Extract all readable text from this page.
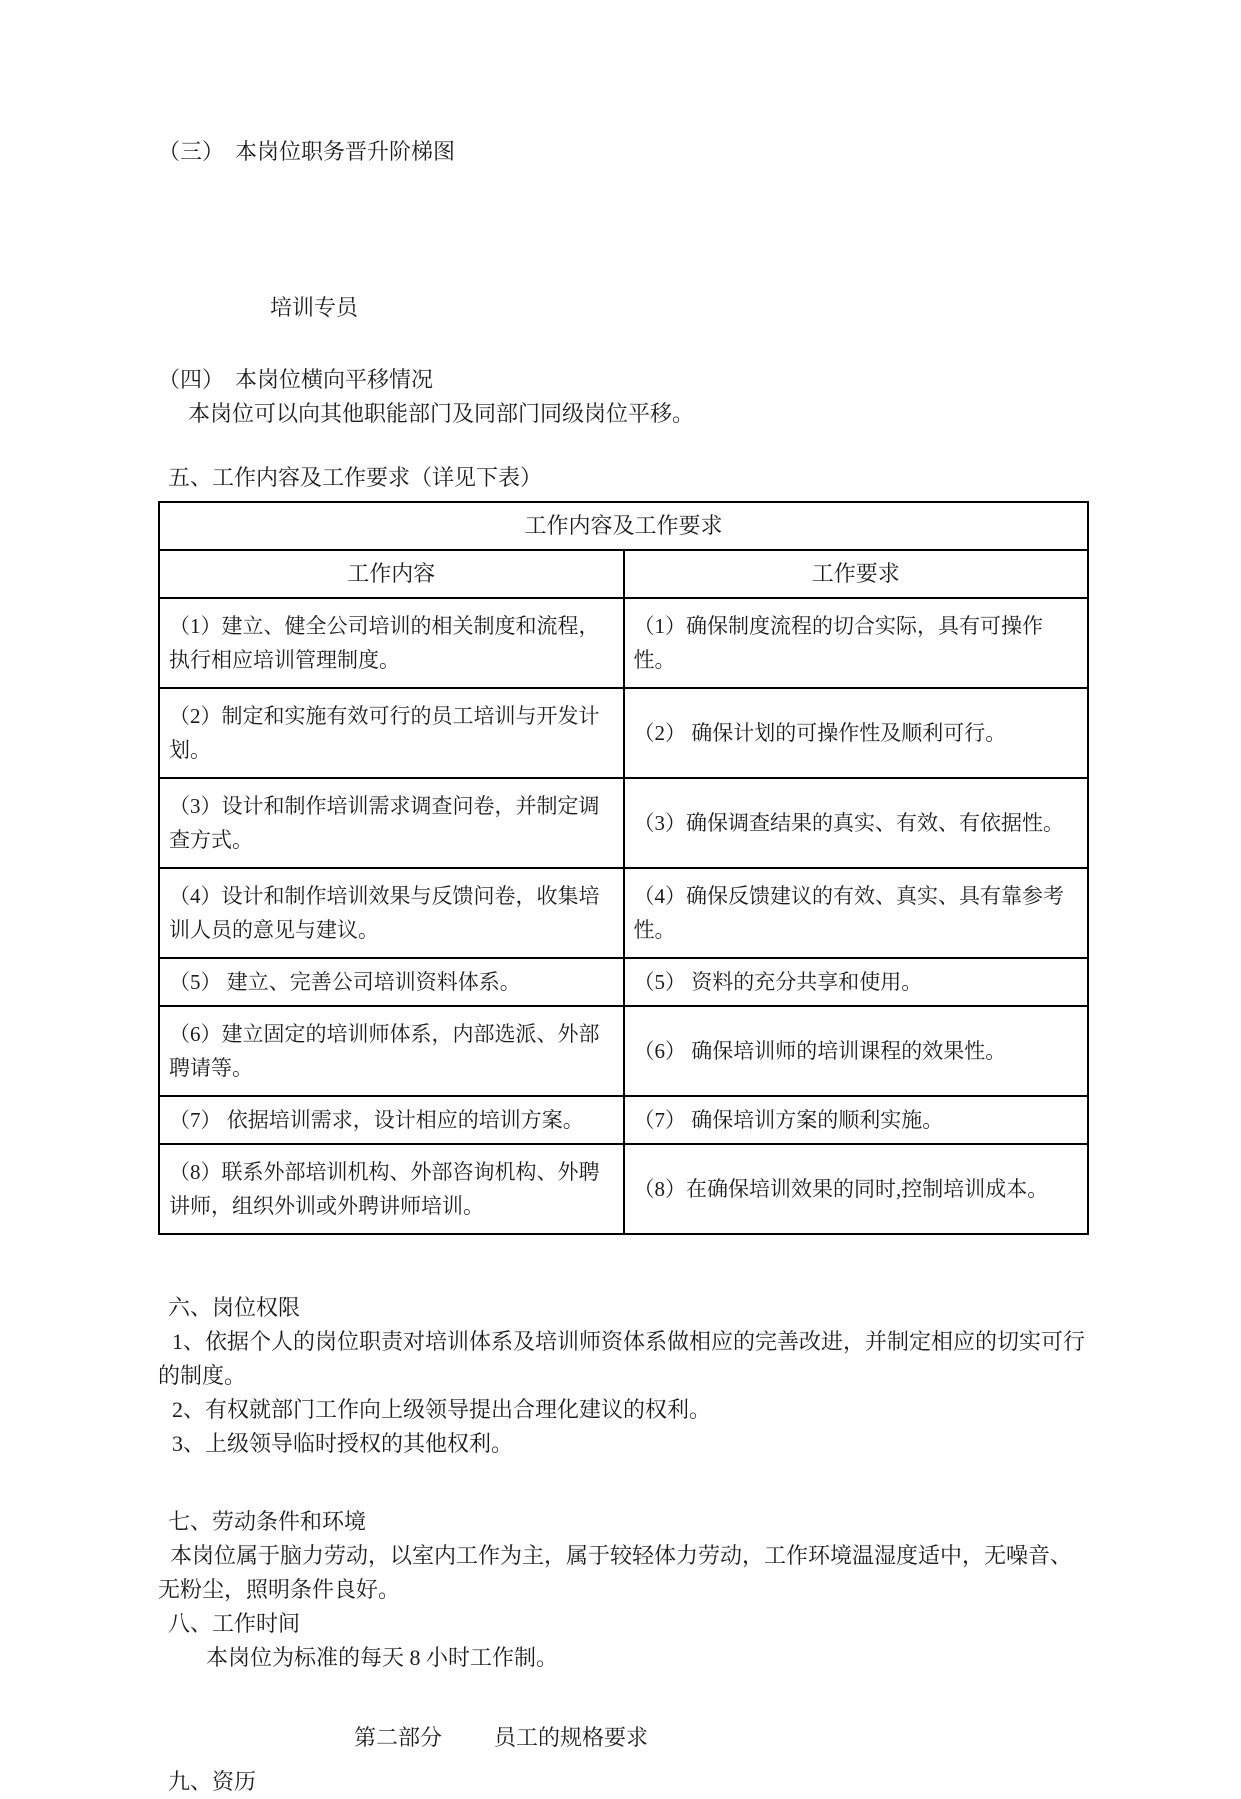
（三）　本岗位职务晋升阶梯图

培训专员

（四）　本岗位横向平移情况

本岗位可以向其他职能部门及同部门同级岗位平移。

五、工作内容及工作要求（详见下表）

工作内容及工作要求	
工作内容	工作要求
（1）建立、健全公司培训的相关制度和流程，执行相应培训管理制度。	（1）确保制度流程的切合实际，具有可操作性。
（2）制定和实施有效可行的员工培训与开发计划。	（2） 确保计划的可操作性及顺利可行。
（3）设计和制作培训需求调查问卷，并制定调查方式。	（3）确保调查结果的真实、有效、有依据性。
（4）设计和制作培训效果与反馈问卷，收集培训人员的意见与建议。	（4）确保反馈建议的有效、真实、具有靠参考性。
（5） 建立、完善公司培训资料体系。	（5） 资料的充分共享和使用。
（6）建立固定的培训师体系，内部选派、外部聘请等。	（6） 确保培训师的培训课程的效果性。
（7） 依据培训需求，设计相应的培训方案。	（7） 确保培训方案的顺利实施。
（8）联系外部培训机构、外部咨询机构、外聘讲师，组织外训或外聘讲师培训。	（8）在确保培训效果的同时,控制培训成本。

六、岗位权限

1、依据个人的岗位职责对培训体系及培训师资体系做相应的完善改进，并制定相应的切实可行的制度。

2、有权就部门工作向上级领导提出合理化建议的权利。

3、上级领导临时授权的其他权利。

七、劳动条件和环境

本岗位属于脑力劳动，以室内工作为主，属于较轻体力劳动，工作环境温湿度适中，无噪音、无粉尘，照明条件良好。

八、工作时间

本岗位为标准的每天 8 小时工作制。

第二部分 员工的规格要求

九、资历
